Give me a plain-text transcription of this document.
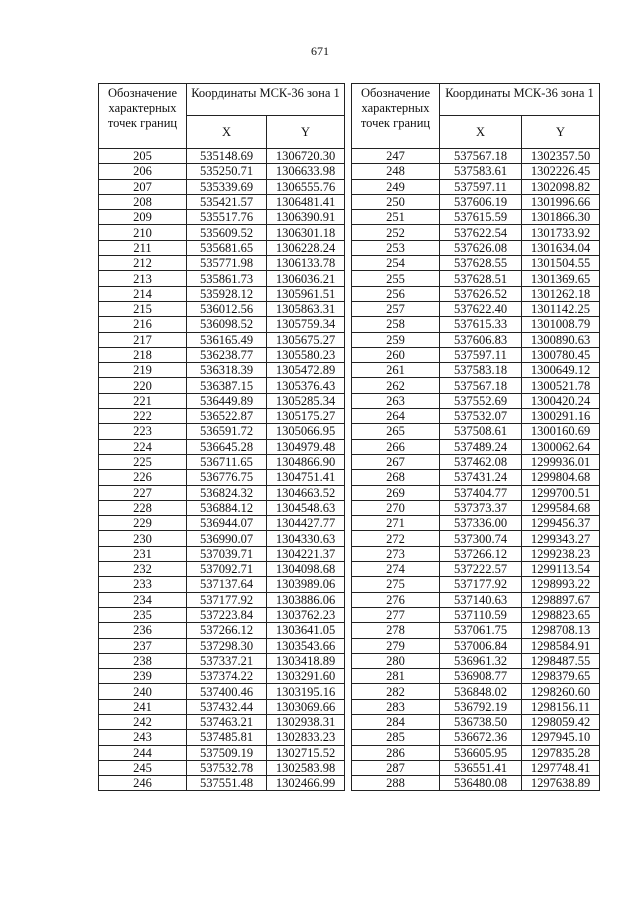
671
Обозначение характерных точек границ	Координаты МСК-36 зона 1	
	X	Y
205	535148.69	1306720.30
206	535250.71	1306633.98
207	535339.69	1306555.76
208	535421.57	1306481.41
209	535517.76	1306390.91
210	535609.52	1306301.18
211	535681.65	1306228.24
212	535771.98	1306133.78
213	535861.73	1306036.21
214	535928.12	1305961.51
215	536012.56	1305863.31
216	536098.52	1305759.34
217	536165.49	1305675.27
218	536238.77	1305580.23
219	536318.39	1305472.89
220	536387.15	1305376.43
221	536449.89	1305285.34
222	536522.87	1305175.27
223	536591.72	1305066.95
224	536645.28	1304979.48
225	536711.65	1304866.90
226	536776.75	1304751.41
227	536824.32	1304663.52
228	536884.12	1304548.63
229	536944.07	1304427.77
230	536990.07	1304330.63
231	537039.71	1304221.37
232	537092.71	1304098.68
233	537137.64	1303989.06
234	537177.92	1303886.06
235	537223.84	1303762.23
236	537266.12	1303641.05
237	537298.30	1303543.66
238	537337.21	1303418.89
239	537374.22	1303291.60
240	537400.46	1303195.16
241	537432.44	1303069.66
242	537463.21	1302938.31
243	537485.81	1302833.23
244	537509.19	1302715.52
245	537532.78	1302583.98
246	537551.48	1302466.99
Обозначение характерных точек границ	Координаты МСК-36 зона 1	
	X	Y
247	537567.18	1302357.50
248	537583.61	1302226.45
249	537597.11	1302098.82
250	537606.19	1301996.66
251	537615.59	1301866.30
252	537622.54	1301733.92
253	537626.08	1301634.04
254	537628.55	1301504.55
255	537628.51	1301369.65
256	537626.52	1301262.18
257	537622.40	1301142.25
258	537615.33	1301008.79
259	537606.83	1300890.63
260	537597.11	1300780.45
261	537583.18	1300649.12
262	537567.18	1300521.78
263	537552.69	1300420.24
264	537532.07	1300291.16
265	537508.61	1300160.69
266	537489.24	1300062.64
267	537462.08	1299936.01
268	537431.24	1299804.68
269	537404.77	1299700.51
270	537373.37	1299584.68
271	537336.00	1299456.37
272	537300.74	1299343.27
273	537266.12	1299238.23
274	537222.57	1299113.54
275	537177.92	1298993.22
276	537140.63	1298897.67
277	537110.59	1298823.65
278	537061.75	1298708.13
279	537006.84	1298584.91
280	536961.32	1298487.55
281	536908.77	1298379.65
282	536848.02	1298260.60
283	536792.19	1298156.11
284	536738.50	1298059.42
285	536672.36	1297945.10
286	536605.95	1297835.28
287	536551.41	1297748.41
288	536480.08	1297638.89
